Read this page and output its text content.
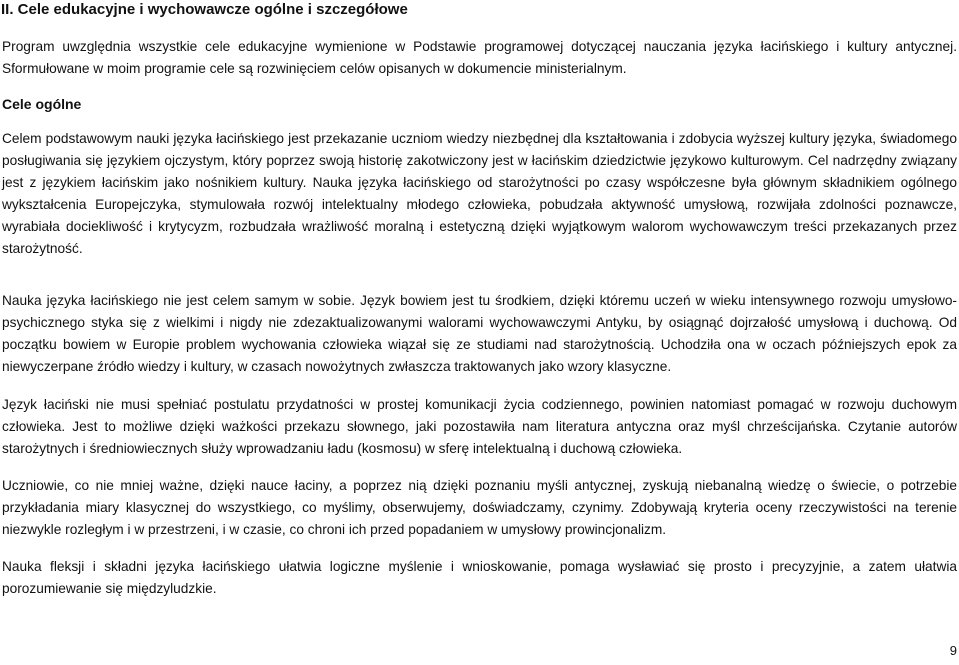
II. Cele edukacyjne i wychowawcze ogólne i szczegółowe

Program uwzględnia wszystkie cele edukacyjne wymienione w Podstawie programowej dotyczącej nauczania języka łacińskiego i kultury antycznej. Sformułowane w moim programie cele są rozwinięciem celów opisanych w dokumencie ministerialnym.

Cele ogólne

Celem podstawowym nauki języka łacińskiego jest przekazanie uczniom wiedzy niezbędnej dla kształtowania i zdobycia wyższej kultury języka, świadomego posługiwania się językiem ojczystym, który poprzez swoją historię zakotwiczony jest w łacińskim dziedzictwie językowo kulturowym. Cel nadrzędny związany jest z językiem łacińskim jako nośnikiem kultury. Nauka języka łacińskiego od starożytności po czasy współczesne była głównym składnikiem ogólnego wykształcenia Europejczyka, stymulowała rozwój intelektualny młodego człowieka, pobudzała aktywność umysłową, rozwijała zdolności poznawcze, wyrabiała dociekliwość i krytycyzm, rozbudzała wrażliwość moralną i estetyczną dzięki wyjątkowym walorom wychowawczym treści przekazanych przez starożytność.

Nauka języka łacińskiego nie jest celem samym w sobie. Język bowiem jest tu środkiem, dzięki któremu uczeń w wieku intensywnego rozwoju umysłowo-psychicznego styka się z wielkimi i nigdy nie zdezaktualizowanymi walorami wychowawczymi Antyku, by osiągnąć dojrzałość umysłową i duchową. Od początku bowiem w Europie problem wychowania człowieka wiązał się ze studiami nad starożytnością. Uchodziła ona w oczach późniejszych epok za niewyczerpane źródło wiedzy i kultury, w czasach nowożytnych zwłaszcza traktowanych jako wzory klasyczne.

Język łaciński nie musi spełniać postulatu przydatności w prostej komunikacji życia codziennego, powinien natomiast pomagać w rozwoju duchowym człowieka. Jest to możliwe dzięki ważkości przekazu słownego, jaki pozostawiła nam literatura antyczna oraz myśl chrześcijańska. Czytanie autorów starożytnych i średniowiecznych służy wprowadzaniu ładu (kosmosu) w sferę intelektualną i duchową człowieka.

Uczniowie, co nie mniej ważne, dzięki nauce łaciny, a poprzez nią dzięki poznaniu myśli antycznej, zyskują niebanalną wiedzę o świecie, o potrzebie przykładania miary klasycznej do wszystkiego, co myślimy, obserwujemy, doświadczamy, czynimy. Zdobywają kryteria oceny rzeczywistości na terenie niezwykle rozległym i w przestrzeni, i w czasie, co chroni ich przed popadaniem w umysłowy prowincjonalizm.

Nauka fleksji i składni języka łacińskiego ułatwia logiczne myślenie i wnioskowanie, pomaga wysławiać się prosto i precyzyjnie, a zatem ułatwia porozumiewanie się międzyludzkie.

9
